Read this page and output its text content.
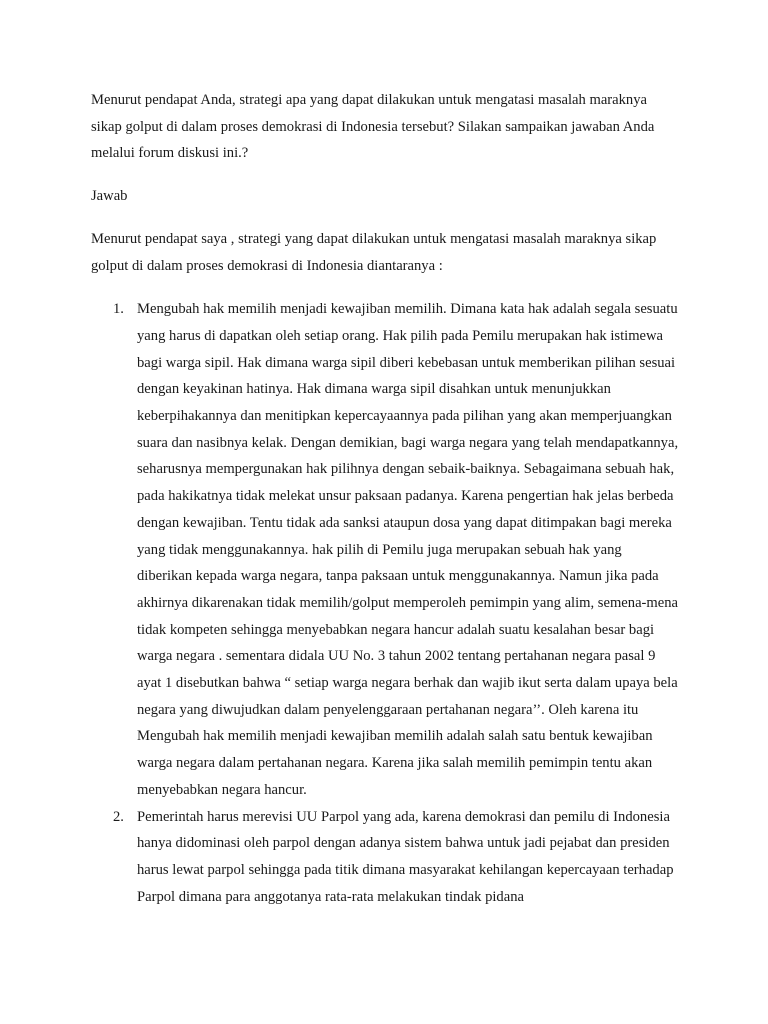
Menurut pendapat Anda, strategi apa yang dapat dilakukan untuk mengatasi masalah maraknya sikap golput di dalam proses demokrasi di Indonesia tersebut? Silakan sampaikan jawaban Anda melalui forum diskusi ini.?

Jawab

Menurut pendapat saya , strategi yang dapat dilakukan untuk mengatasi masalah maraknya sikap golput di dalam proses demokrasi di Indonesia diantaranya :

1. Mengubah hak memilih menjadi kewajiban memilih. Dimana kata hak adalah segala sesuatu yang harus di dapatkan oleh setiap orang. Hak pilih pada Pemilu merupakan hak istimewa bagi warga sipil. Hak dimana warga sipil diberi kebebasan untuk memberikan pilihan sesuai dengan keyakinan hatinya. Hak dimana warga sipil disahkan untuk menunjukkan keberpihakannya dan menitipkan kepercayaannya pada pilihan yang akan memperjuangkan suara dan nasibnya kelak. Dengan demikian, bagi warga negara yang telah mendapatkannya, seharusnya mempergunakan hak pilihnya dengan sebaik-baiknya. Sebagaimana sebuah hak, pada hakikatnya tidak melekat unsur paksaan padanya. Karena pengertian hak jelas berbeda dengan kewajiban. Tentu tidak ada sanksi ataupun dosa yang dapat ditimpakan bagi mereka yang tidak menggunakannya. hak pilih di Pemilu juga merupakan sebuah hak yang diberikan kepada warga negara, tanpa paksaan untuk menggunakannya. Namun jika pada akhirnya dikarenakan tidak memilih/golput memperoleh pemimpin yang alim, semena-mena tidak kompeten sehingga menyebabkan negara hancur adalah suatu kesalahan besar bagi warga negara . sementara didala UU No. 3 tahun 2002 tentang pertahanan negara pasal 9 ayat 1 disebutkan bahwa “ setiap warga negara berhak dan wajib ikut serta dalam upaya bela negara yang diwujudkan dalam penyelenggaraan pertahanan negara’’. Oleh karena itu Mengubah hak memilih menjadi kewajiban memilih adalah salah satu bentuk kewajiban warga negara dalam pertahanan negara. Karena jika salah memilih pemimpin tentu akan menyebabkan negara hancur.
2. Pemerintah harus merevisi UU Parpol yang ada, karena demokrasi dan pemilu di Indonesia hanya didominasi oleh parpol dengan adanya sistem bahwa untuk jadi pejabat dan presiden harus lewat parpol sehingga pada titik dimana masyarakat kehilangan kepercayaan terhadap Parpol dimana para anggotanya rata-rata melakukan tindak pidana
